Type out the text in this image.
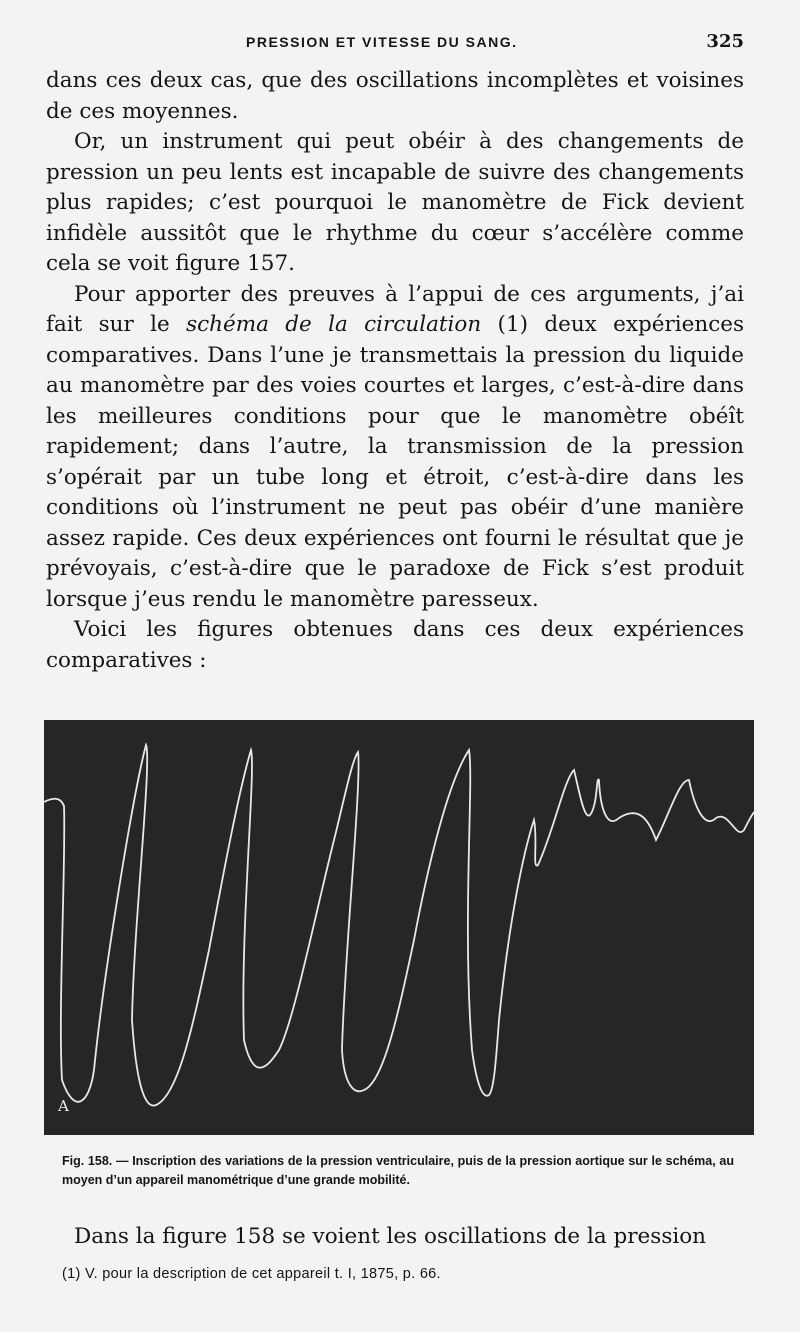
PRESSION ET VITESSE DU SANG.	325

dans ces deux cas, que des oscillations incomplètes et voisines de ces moyennes.

Or, un instrument qui peut obéir à des changements de pression un peu lents est incapable de suivre des changements plus rapides; c’est pourquoi le manomètre de Fick devient infidèle aussitôt que le rhythme du cœur s’accélère comme cela se voit figure 157.

Pour apporter des preuves à l’appui de ces arguments, j’ai fait sur le schéma de la circulation (1) deux expériences comparatives. Dans l’une je transmettais la pression du liquide au manomètre par des voies courtes et larges, c’est-à-dire dans les meilleures conditions pour que le manomètre obéît rapidement; dans l’autre, la transmission de la pression s’opérait par un tube long et étroit, c’est-à-dire dans les conditions où l’instrument ne peut pas obéir d’une manière assez rapide. Ces deux expériences ont fourni le résultat que je prévoyais, c’est-à-dire que le paradoxe de Fick s’est produit lorsque j’eus rendu le manomètre paresseux.

Voici les figures obtenues dans ces deux expériences comparatives :

A
Fig. 158. — Inscription des variations de la pression ventriculaire, puis de la pression aortique sur le schéma, au moyen d’un appareil manométrique d’une grande mobilité.
Dans la figure 158 se voient les oscillations de la pression
(1) V. pour la description de cet appareil t. I, 1875, p. 66.
